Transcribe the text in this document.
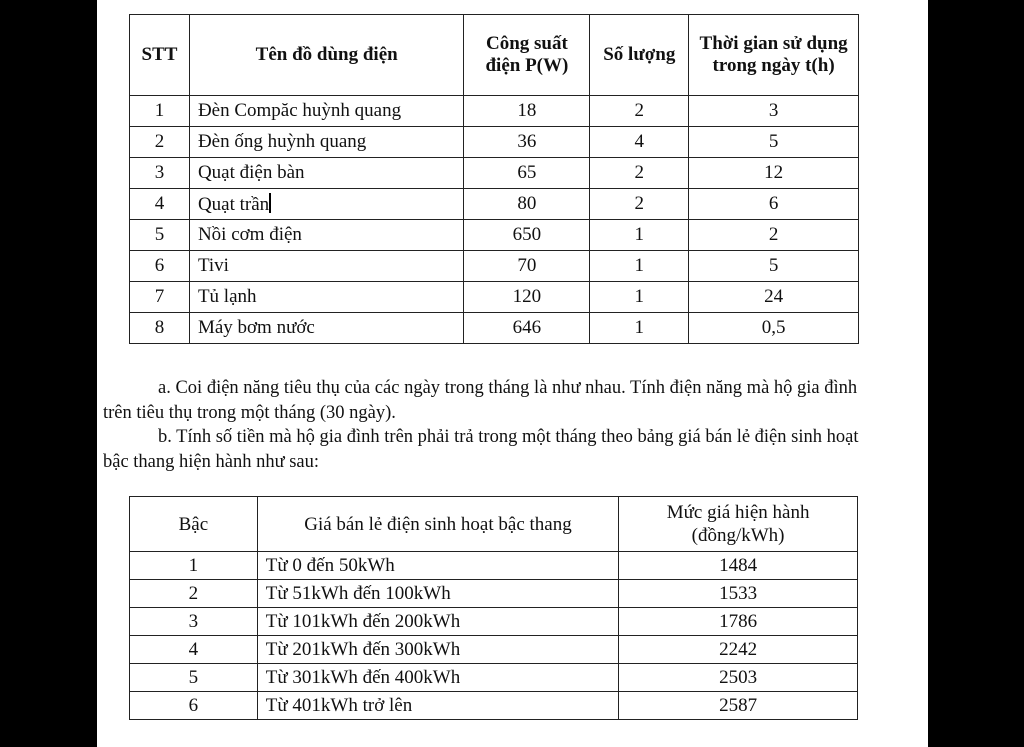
STT	Tên đồ dùng điện	Công suất điện P(W)	Số lượng	Thời gian sử dụng trong ngày t(h)
1	Đèn Compăc huỳnh quang	18	2	3
2	Đèn ống huỳnh quang	36	4	5
3	Quạt điện bàn	65	2	12
4	Quạt trần	80	2	6
5	Nồi cơm điện	650	1	2
6	Tivi	70	1	5
7	Tủ lạnh	120	1	24
8	Máy bơm nước	646	1	0,5

a. Coi điện năng tiêu thụ của các ngày trong tháng là như nhau. Tính điện năng mà hộ gia đình trên tiêu thụ trong một tháng (30 ngày).

b. Tính số tiền mà hộ gia đình trên phải trả trong một tháng theo bảng giá bán lẻ điện sinh hoạt bậc thang hiện hành như sau:

Bậc	Giá bán lẻ điện sinh hoạt bậc thang	Mức giá hiện hành (đồng/kWh)
1	Từ 0 đến 50kWh	1484
2	Từ 51kWh đến 100kWh	1533
3	Từ 101kWh đến 200kWh	1786
4	Từ 201kWh đến 300kWh	2242
5	Từ 301kWh đến 400kWh	2503
6	Từ 401kWh trở lên	2587
